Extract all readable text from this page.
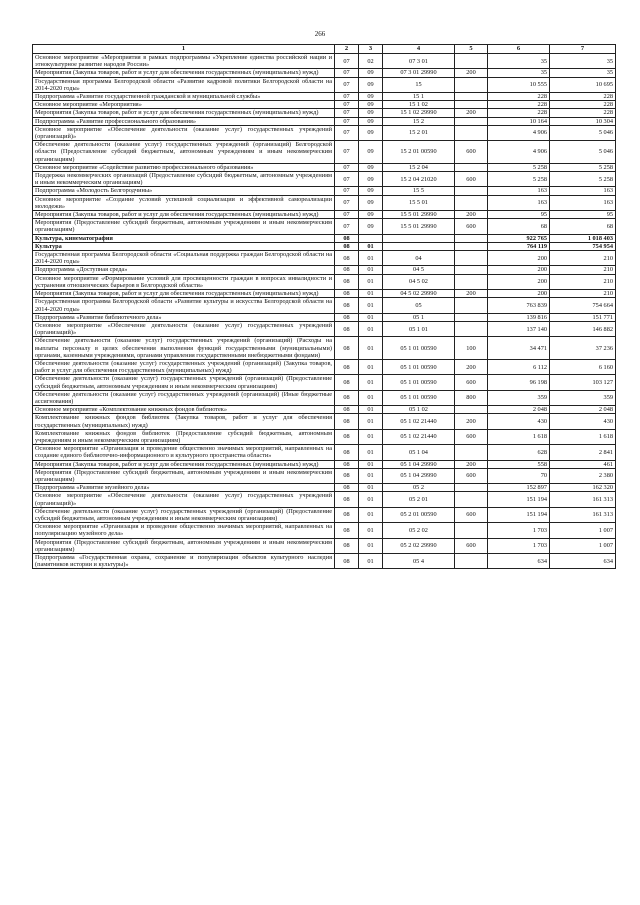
266
1	2	3	4	5	6	7
Основное мероприятие «Мероприятия в рамках подпрограммы «Укрепление единства российской нации и этнокультурное развитие народов России»	07	02	07 3 01		35	35
Мероприятия (Закупка товаров, работ и услуг для обеспечения государственных (муниципальных) нужд)	07	09	07 3 01 29990	200	35	35
Государственная программа Белгородской области «Развитие кадровой политики Белгородской области на 2014-2020 годы»	07	09	15		10 555	10 695
Подпрограмма «Развитие государственной гражданской и муниципальной службы»	07	09	15 1		228	228
Основное мероприятие «Мероприятия»	07	09	15 1 02		228	228
Мероприятия (Закупка товаров, работ и услуг для обеспечения государственных (муниципальных) нужд)	07	09	15 1 02 29990	200	228	228
Подпрограмма «Развитие профессионального образования»	07	09	15 2		10 164	10 304
Основное мероприятие «Обеспечение деятельности (оказание услуг) государственных учреждений (организаций)»	07	09	15 2 01		4 906	5 046
Обеспечение деятельности (оказание услуг) государственных учреждений (организаций) Белгородской области (Предоставление субсидий бюджетным, автономным учреждениям и иным некоммерческим организациям)	07	09	15 2 01 00590	600	4 906	5 046
Основное мероприятие «Содействие развитию профессионального образования»	07	09	15 2 04		5 258	5 258
Поддержка некоммерческих организаций (Предоставление субсидий бюджетным, автономным учреждениям и иным некоммерческим организациям)	07	09	15 2 04 21020	600	5 258	5 258
Подпрограмма «Молодость Белгородчины»	07	09	15 5		163	163
Основное мероприятие «Создание условий успешной социализации и эффективной самореализации молодежи»	07	09	15 5 01		163	163
Мероприятия (Закупка товаров, работ и услуг для обеспечения государственных (муниципальных) нужд)	07	09	15 5 01 29990	200	95	95
Мероприятия (Предоставление субсидий бюджетным, автономным учреждениям и иным некоммерческим организациям)	07	09	15 5 01 29990	600	68	68
Культура, кинематография	08				922 765	1 018 403
Культура	08	01			764 119	754 954
Государственная программа Белгородской области «Социальная поддержка граждан Белгородской области на 2014-2020 годы»	08	01	04		200	210
Подпрограмма «Доступная среда»	08	01	04 5		200	210
Основное мероприятие «Формирование условий для просвещенности граждан в вопросах инвалидности и устранения отношенческих барьеров в Белгородской области»	08	01	04 5 02		200	210
Мероприятия (Закупка товаров, работ и услуг для обеспечения государственных (муниципальных) нужд)	08	01	04 5 02 29990	200	200	210
Государственная программа Белгородской области «Развитие культуры и искусства Белгородской области на 2014-2020 годы»	08	01	05		763 839	754 664
Подпрограмма «Развитие библиотечного дела»	08	01	05 1		139 816	151 771
Основное мероприятие «Обеспечение деятельности (оказание услуг) государственных учреждений (организаций)»	08	01	05 1 01		137 140	146 882
Обеспечение деятельности (оказание услуг) государственных учреждений (организаций) (Расходы на выплаты персоналу в целях обеспечения выполнения функций государственными (муниципальными) органами, казенными учреждениями, органами управления государственными внебюджетными фондами)	08	01	05 1 01 00590	100	34 471	37 236
Обеспечение деятельности (оказание услуг) государственных учреждений (организаций) (Закупка товаров, работ и услуг для обеспечения государственных (муниципальных) нужд)	08	01	05 1 01 00590	200	6 112	6 160
Обеспечение деятельности (оказание услуг) государственных учреждений (организаций) (Предоставление субсидий бюджетным, автономным учреждениям и иным некоммерческим организациям)	08	01	05 1 01 00590	600	96 198	103 127
Обеспечение деятельности (оказание услуг) государственных учреждений (организаций) (Иные бюджетные ассигнования)	08	01	05 1 01 00590	800	359	359
Основное мероприятие «Комплектование книжных фондов библиотек»	08	01	05 1 02		2 048	2 048
Комплектование книжных фондов библиотек (Закупка товаров, работ и услуг для обеспечения государственных (муниципальных) нужд)	08	01	05 1 02 21440	200	430	430
Комплектование книжных фондов библиотек (Предоставление субсидий бюджетным, автономным учреждениям и иным некоммерческим организациям)	08	01	05 1 02 21440	600	1 618	1 618
Основное мероприятие «Организация и проведение общественно значимых мероприятий, направленных на создание единого библиотечно-информационного и культурного пространства области»	08	01	05 1 04		628	2 841
Мероприятия (Закупка товаров, работ и услуг для обеспечения государственных (муниципальных) нужд)	08	01	05 1 04 29990	200	558	461
Мероприятия (Предоставление субсидий бюджетным, автономным учреждениям и иным некоммерческим организациям)	08	01	05 1 04 29990	600	70	2 380
Подпрограмма «Развитие музейного дела»	08	01	05 2		152 897	162 320
Основное мероприятие «Обеспечение деятельности (оказание услуг) государственных учреждений (организаций)»	08	01	05 2 01		151 194	161 313
Обеспечение деятельности (оказание услуг) государственных учреждений (организаций) (Предоставление субсидий бюджетным, автономным учреждениям и иным некоммерческим организациям)	08	01	05 2 01 00590	600	151 194	161 313
Основное мероприятие «Организация и проведение общественно значимых мероприятий, направленных на популяризацию музейного дела»	08	01	05 2 02		1 703	1 007
Мероприятия (Предоставление субсидий бюджетным, автономным учреждениям и иным некоммерческим организациям)	08	01	05 2 02 29990	600	1 703	1 007
Подпрограмма «Государственная охрана, сохранение и популяризация объектов культурного наследия (памятников истории и культуры)»	08	01	05 4		634	634
